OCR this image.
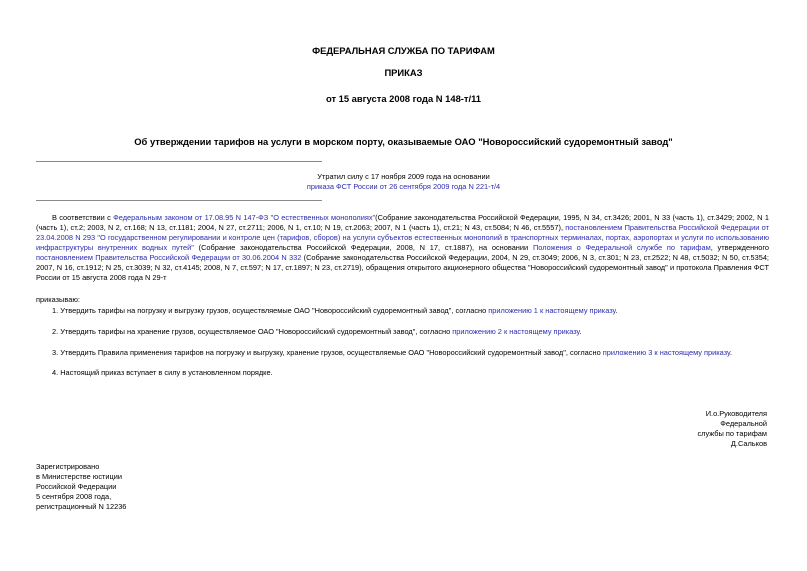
ФЕДЕРАЛЬНАЯ СЛУЖБА ПО ТАРИФАМ
ПРИКАЗ
от 15 августа 2008 года N 148-т/11
Об утверждении тарифов на услуги в морском порту, оказываемые ОАО "Новороссийский судоремонтный завод"
Утратил силу с 17 ноября 2009 года на основании
приказа ФСТ России от 26 сентября 2009 года N 221-т/4

В соответствии с Федеральным законом от 17.08.95 N 147-ФЗ "О естественных монополиях"(Собрание законодательства Российской Федерации, 1995, N 34, ст.3426; 2001, N 33 (часть 1), ст.3429; 2002, N 1 (часть 1), ст.2; 2003, N 2, ст.168; N 13, ст.1181; 2004, N 27, ст.2711; 2006, N 1, ст.10; N 19, ст.2063; 2007, N 1 (часть 1), ст.21; N 43, ст.5084; N 46, ст.5557), постановлением Правительства Российской Федерации от 23.04.2008 N 293 "О государственном регулировании и контроле цен (тарифов, сборов) на услуги субъектов естественных монополий в транспортных терминалах, портах, аэропортах и услуги по использованию инфраструктуры внутренних водных путей" (Собрание законодательства Российской Федерации, 2008, N 17, ст.1887), на основании Положения о Федеральной службе по тарифам, утвержденного постановлением Правительства Российской Федерации от 30.06.2004 N 332 (Собрание законодательства Российской Федерации, 2004, N 29, ст.3049; 2006, N 3, ст.301; N 23, ст.2522; N 48, ст.5032; N 50, ст.5354; 2007, N 16, ст.1912; N 25, ст.3039; N 32, ст.4145; 2008, N 7, ст.597; N 17, ст.1897; N 23, ст.2719), обращения открытого акционерного общества "Новороссийский судоремонтный завод" и протокола Правления ФСТ России от 15 августа 2008 года N 29-т

приказываю:

1. Утвердить тарифы на погрузку и выгрузку грузов, осуществляемые ОАО "Новороссийский судоремонтный завод", согласно приложению 1 к настоящему приказу.

2. Утвердить тарифы на хранение грузов, осуществляемое ОАО "Новороссийский судоремонтный завод", согласно приложению 2 к настоящему приказу.

3. Утвердить Правила применения тарифов на погрузку и выгрузку, хранение грузов, осуществляемые ОАО "Новороссийский судоремонтный завод", согласно приложению 3 к настоящему приказу.

4. Настоящий приказ вступает в силу в установленном порядке.

И.о.Руководителя
Федеральной
службы по тарифам
Д.Сальков
Зарегистрировано
в Министерстве юстиции
Российской Федерации
5 сентября 2008 года,
регистрационный N 12236
